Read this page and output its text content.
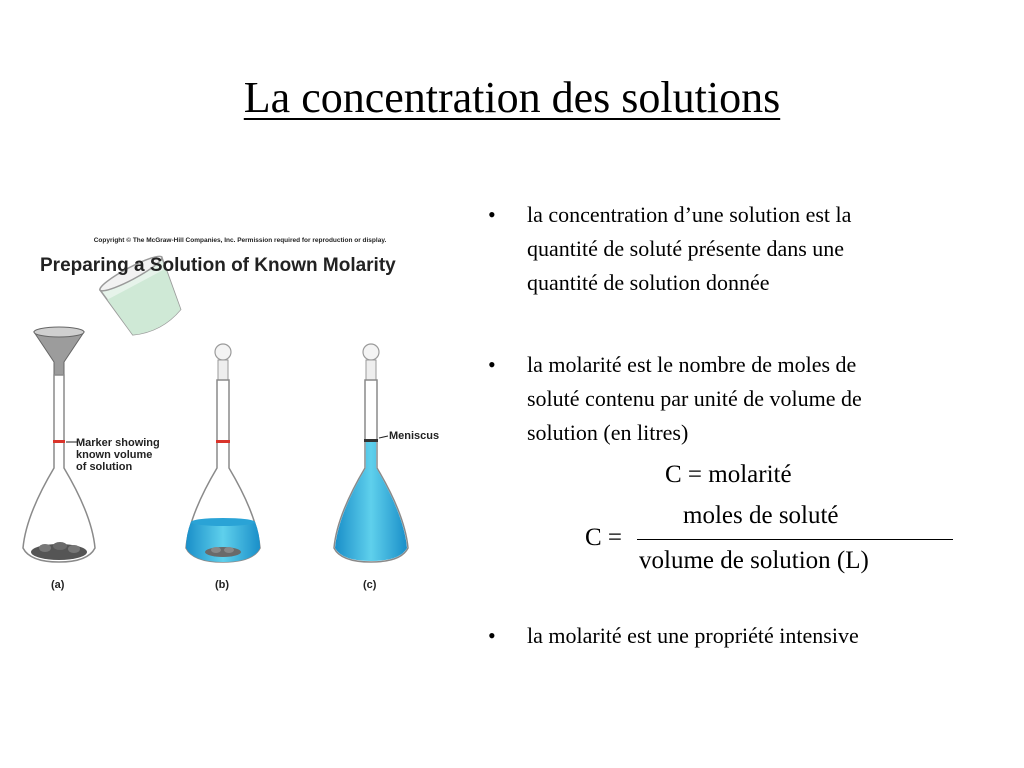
La concentration des solutions
Copyright © The McGraw-Hill Companies, Inc. Permission required for reproduction or display.
Preparing a Solution of Known Molarity
Marker showing
known volume
of solution
Meniscus
(a)	(b)	(c)
• la concentration d’une solution est la
quantité de soluté présente dans une
quantité de solution donnée
• la molarité est le nombre de moles de
soluté contenu par unité de volume de
solution (en litres)
• la molarité est une propriété intensive
C = molarité
C =
moles de soluté
volume de solution (L)
